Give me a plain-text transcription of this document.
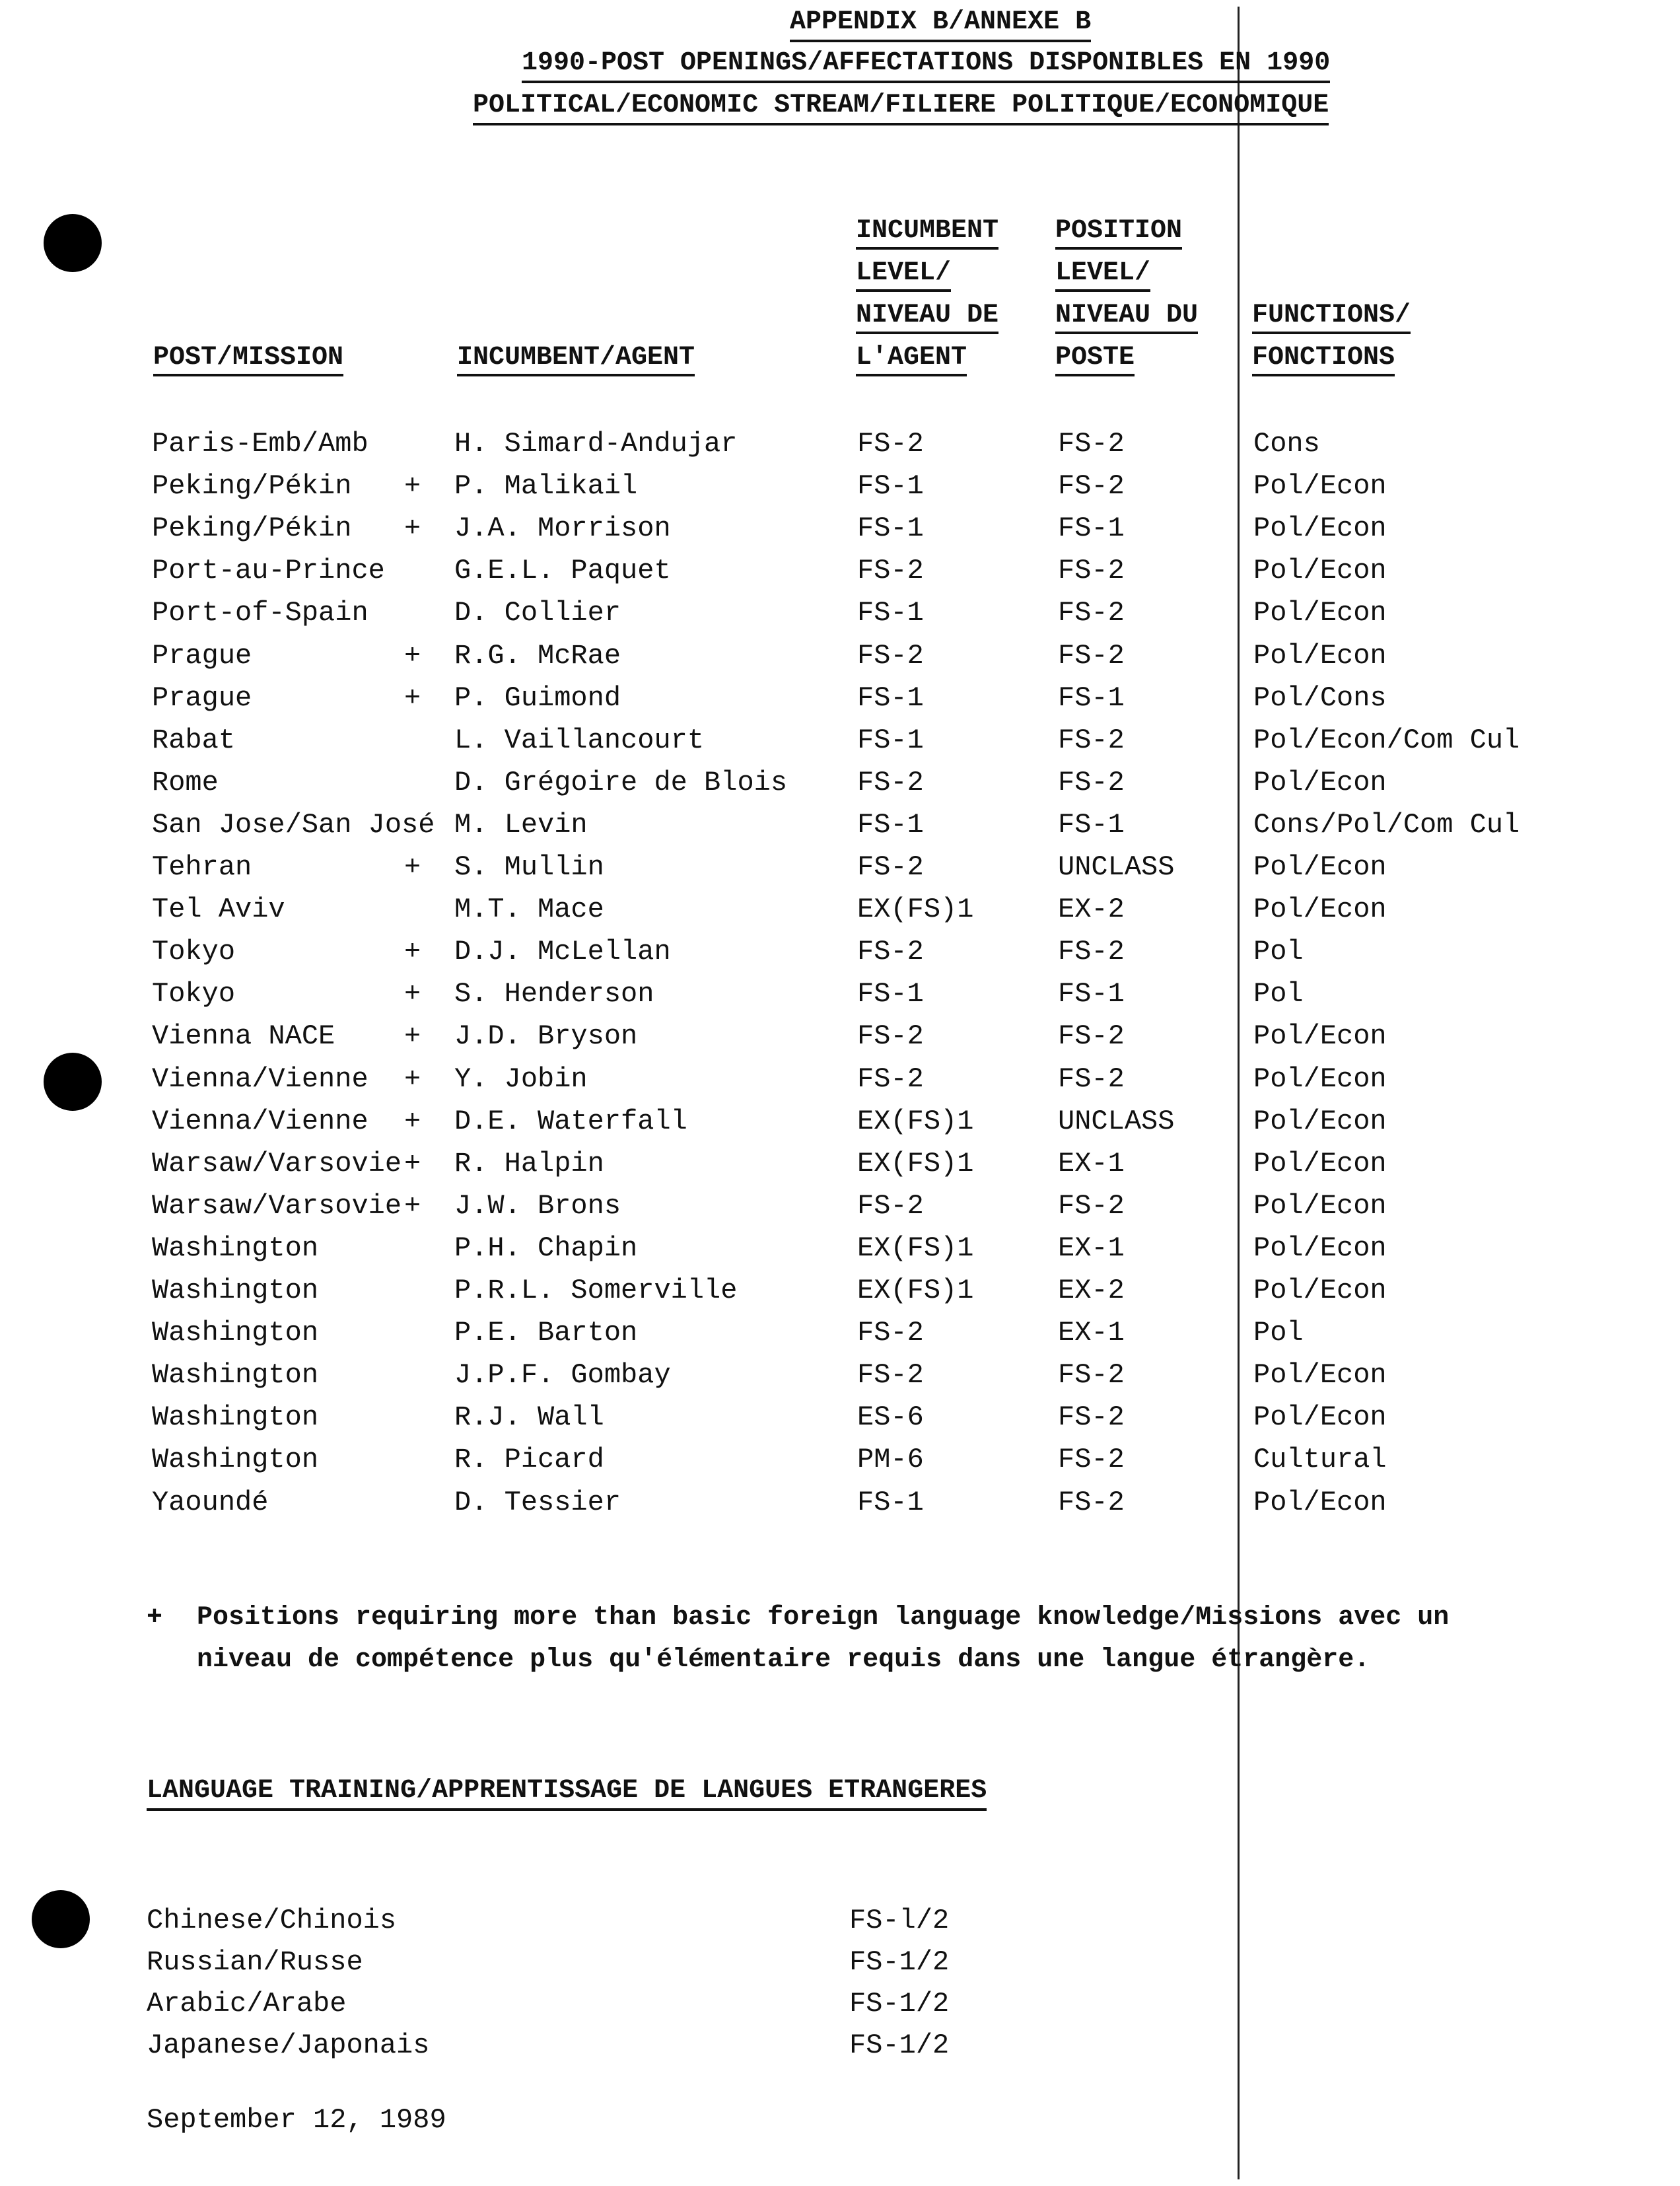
APPENDIX B/ANNEXE B
1990-POST OPENINGS/AFFECTATIONS DISPONIBLES EN 1990
POLITICAL/ECONOMIC STREAM/FILIERE POLITIQUE/ECONOMIQUE
POST/MISSION	INCUMBENT/AGENT
INCUMBENT
LEVEL/
NIVEAU DE
L'AGENT
POSITION
LEVEL/
NIVEAU DU
POSTE
FUNCTIONS/
FONCTIONS
Paris-Emb/Amb	H. Simard-Andujar	FS-2	FS-2	Cons
Peking/Pékin + P. Malikail	FS-1	FS-2	Pol/Econ
Peking/Pékin + J.A. Morrison	FS-1	FS-1	Pol/Econ
Port-au-Prince	G.E.L. Paquet	FS-2	FS-2	Pol/Econ
Port-of-Spain	D. Collier	FS-1	FS-2	Pol/Econ
Prague	+ R.G. McRae	FS-2	FS-2	Pol/Econ
Prague	+ P. Guimond	FS-1	FS-1	Pol/Cons
Rabat	L. Vaillancourt	FS-1	FS-2	Pol/Econ/Com Cul
Rome	D. Grégoire de Blois	FS-2	FS-2	Pol/Econ
San Jose/San José M. Levin	FS-1	FS-1	Cons/Pol/Com Cul
Tehran	+ S. Mullin	FS-2	UNCLASS	Pol/Econ
Tel Aviv	M.T. Mace	EX(FS)1	EX-2	Pol/Econ
Tokyo	+ D.J. McLellan	FS-2	FS-2	Pol
Tokyo	+ S. Henderson	FS-1	FS-1	Pol
Vienna NACE + J.D. Bryson	FS-2	FS-2	Pol/Econ
Vienna/Vienne + Y. Jobin	FS-2	FS-2	Pol/Econ
Vienna/Vienne + D.E. Waterfall	EX(FS)1	UNCLASS	Pol/Econ
Warsaw/Varsovie + R. Halpin	EX(FS)1	EX-1	Pol/Econ
Warsaw/Varsovie + J.W. Brons	FS-2	FS-2	Pol/Econ
Washington	P.H. Chapin	EX(FS)1	EX-1	Pol/Econ
Washington	P.R.L. Somerville	EX(FS)1	EX-2	Pol/Econ
Washington	P.E. Barton	FS-2	EX-1	Pol
Washington	J.P.F. Gombay	FS-2	FS-2	Pol/Econ
Washington	R.J. Wall	ES-6	FS-2	Pol/Econ
Washington	R. Picard	PM-6	FS-2	Cultural
Yaoundé	D. Tessier	FS-1	FS-2	Pol/Econ
+ Positions requiring more than basic foreign language knowledge/Missions avec un niveau de compétence plus qu'élémentaire requis dans une langue étrangère.
LANGUAGE TRAINING/APPRENTISSAGE DE LANGUES ETRANGERES
Chinese/Chinois	FS-l/2
Russian/Russe	FS-1/2
Arabic/Arabe	FS-1/2
Japanese/Japonais	FS-1/2
September 12, 1989
